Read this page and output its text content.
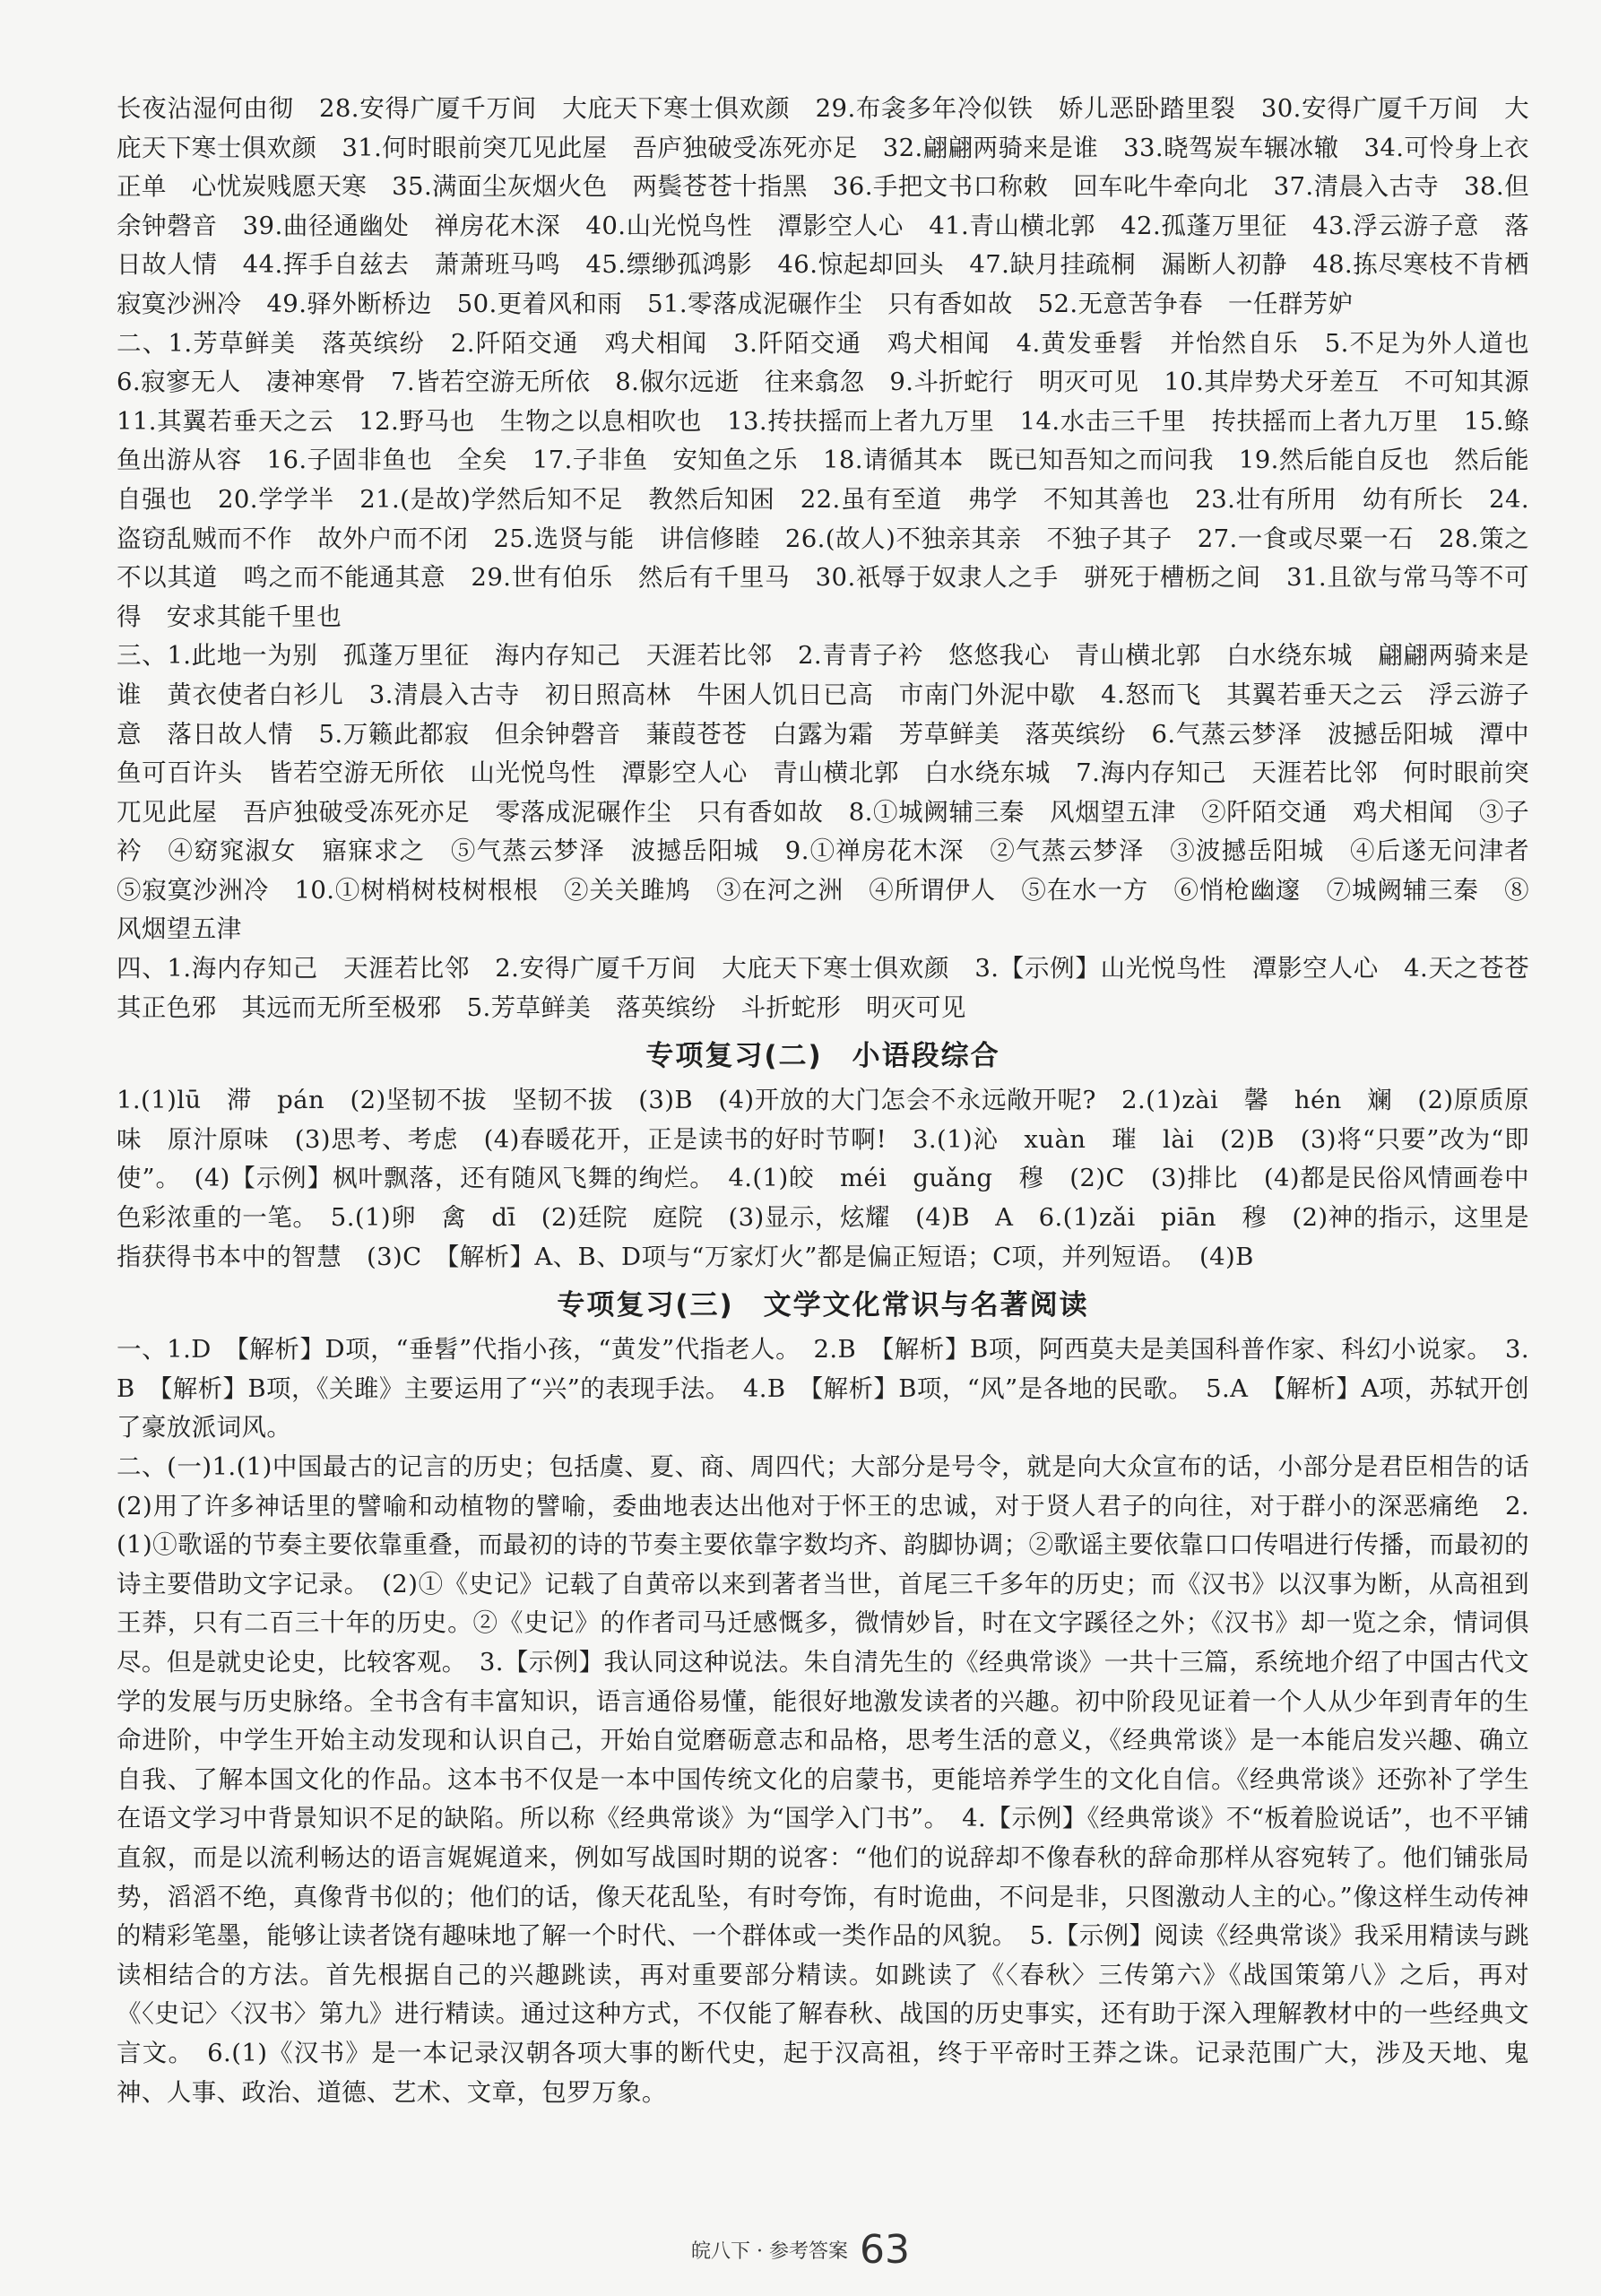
长夜沾湿何由彻　28.安得广厦千万间　大庇天下寒士俱欢颜　29.布衾多年冷似铁　娇儿恶卧踏里裂　30.安得广厦千万间　大庇天下寒士俱欢颜　31.何时眼前突兀见此屋　吾庐独破受冻死亦足　32.翩翩两骑来是谁　33.晓驾炭车辗冰辙　34.可怜身上衣正单　心忧炭贱愿天寒　35.满面尘灰烟火色　两鬓苍苍十指黑　36.手把文书口称敕　回车叱牛牵向北　37.清晨入古寺　38.但余钟磬音　39.曲径通幽处　禅房花木深　40.山光悦鸟性　潭影空人心　41.青山横北郭　42.孤蓬万里征　43.浮云游子意　落日故人情　44.挥手自兹去　萧萧班马鸣　45.缥缈孤鸿影　46.惊起却回头　47.缺月挂疏桐　漏断人初静　48.拣尽寒枝不肯栖　寂寞沙洲冷　49.驿外断桥边　50.更着风和雨　51.零落成泥碾作尘　只有香如故　52.无意苦争春　一任群芳妒

二、1.芳草鲜美　落英缤纷　2.阡陌交通　鸡犬相闻　3.阡陌交通　鸡犬相闻　4.黄发垂髫　并怡然自乐　5.不足为外人道也　6.寂寥无人　凄神寒骨　7.皆若空游无所依　8.俶尔远逝　往来翕忽　9.斗折蛇行　明灭可见　10.其岸势犬牙差互　不可知其源　11.其翼若垂天之云　12.野马也　生物之以息相吹也　13.抟扶摇而上者九万里　14.水击三千里　抟扶摇而上者九万里　15.鲦鱼出游从容　16.子固非鱼也　全矣　17.子非鱼　安知鱼之乐　18.请循其本　既已知吾知之而问我　19.然后能自反也　然后能自强也　20.学学半　21.(是故)学然后知不足　教然后知困　22.虽有至道　弗学　不知其善也　23.壮有所用　幼有所长　24.盗窃乱贼而不作　故外户而不闭　25.选贤与能　讲信修睦　26.(故人)不独亲其亲　不独子其子　27.一食或尽粟一石　28.策之不以其道　鸣之而不能通其意　29.世有伯乐　然后有千里马　30.祇辱于奴隶人之手　骈死于槽枥之间　31.且欲与常马等不可得　安求其能千里也

三、1.此地一为别　孤蓬万里征　海内存知己　天涯若比邻　2.青青子衿　悠悠我心　青山横北郭　白水绕东城　翩翩两骑来是谁　黄衣使者白衫儿　3.清晨入古寺　初日照高林　牛困人饥日已高　市南门外泥中歇　4.怒而飞　其翼若垂天之云　浮云游子意　落日故人情　5.万籁此都寂　但余钟磬音　蒹葭苍苍　白露为霜　芳草鲜美　落英缤纷　6.气蒸云梦泽　波撼岳阳城　潭中鱼可百许头　皆若空游无所依　山光悦鸟性　潭影空人心　青山横北郭　白水绕东城　7.海内存知己　天涯若比邻　何时眼前突兀见此屋　吾庐独破受冻死亦足　零落成泥碾作尘　只有香如故　8.①城阙辅三秦　风烟望五津　②阡陌交通　鸡犬相闻　③子衿　④窈窕淑女　寤寐求之　⑤气蒸云梦泽　波撼岳阳城　9.①禅房花木深　②气蒸云梦泽　③波撼岳阳城　④后遂无问津者　⑤寂寞沙洲冷　10.①树梢树枝树根根　②关关雎鸠　③在河之洲　④所谓伊人　⑤在水一方　⑥悄枪幽邃　⑦城阙辅三秦　⑧风烟望五津

四、1.海内存知己　天涯若比邻　2.安得广厦千万间　大庇天下寒士俱欢颜　3.【示例】山光悦鸟性　潭影空人心　4.天之苍苍　其正色邪　其远而无所至极邪　5.芳草鲜美　落英缤纷　斗折蛇形　明灭可见

专项复习(二)　小语段综合

1.(1)lū　滞　pán　(2)坚韧不拔　坚韧不拔　(3)B　(4)开放的大门怎会不永远敞开呢?　2.(1)zài　馨　hén　斓　(2)原质原味　原汁原味　(3)思考、考虑　(4)春暖花开，正是读书的好时节啊!　3.(1)沁　xuàn　璀　lài　(2)B　(3)将“只要”改为“即使”。　(4)【示例】枫叶飘落，还有随风飞舞的绚烂。　4.(1)皎　méi　guǎng　穆　(2)C　(3)排比　(4)都是民俗风情画卷中色彩浓重的一笔。　5.(1)卵　禽　dī　(2)廷院　庭院　(3)显示，炫耀　(4)B　A　6.(1)zǎi　piān　穆　(2)神的指示，这里是指获得书本中的智慧　(3)C　【解析】A、B、D项与“万家灯火”都是偏正短语；C项，并列短语。　(4)B

专项复习(三)　文学文化常识与名著阅读

一、1.D　【解析】D项，“垂髫”代指小孩，“黄发”代指老人。　2.B　【解析】B项，阿西莫夫是美国科普作家、科幻小说家。　3.B　【解析】B项，《关雎》主要运用了“兴”的表现手法。　4.B　【解析】B项，“风”是各地的民歌。　5.A　【解析】A项，苏轼开创了豪放派词风。

二、(一)1.(1)中国最古的记言的历史；包括虞、夏、商、周四代；大部分是号令，就是向大众宣布的话，小部分是君臣相告的话　(2)用了许多神话里的譬喻和动植物的譬喻，委曲地表达出他对于怀王的忠诚，对于贤人君子的向往，对于群小的深恶痛绝　2.(1)①歌谣的节奏主要依靠重叠，而最初的诗的节奏主要依靠字数均齐、韵脚协调；②歌谣主要依靠口口传唱进行传播，而最初的诗主要借助文字记录。　(2)①《史记》记载了自黄帝以来到著者当世，首尾三千多年的历史；而《汉书》以汉事为断，从高祖到王莽，只有二百三十年的历史。②《史记》的作者司马迁感慨多，微情妙旨，时在文字蹊径之外；《汉书》却一览之余，情词俱尽。但是就史论史，比较客观。　3.【示例】我认同这种说法。朱自清先生的《经典常谈》一共十三篇，系统地介绍了中国古代文学的发展与历史脉络。全书含有丰富知识，语言通俗易懂，能很好地激发读者的兴趣。初中阶段见证着一个人从少年到青年的生命进阶，中学生开始主动发现和认识自己，开始自觉磨砺意志和品格，思考生活的意义，《经典常谈》是一本能启发兴趣、确立自我、了解本国文化的作品。这本书不仅是一本中国传统文化的启蒙书，更能培养学生的文化自信。《经典常谈》还弥补了学生在语文学习中背景知识不足的缺陷。所以称《经典常谈》为“国学入门书”。　4.【示例】《经典常谈》不“板着脸说话”，也不平铺直叙，而是以流利畅达的语言娓娓道来，例如写战国时期的说客：“他们的说辞却不像春秋的辞命那样从容宛转了。他们铺张局势，滔滔不绝，真像背书似的；他们的话，像天花乱坠，有时夸饰，有时诡曲，不问是非，只图激动人主的心。”像这样生动传神的精彩笔墨，能够让读者饶有趣味地了解一个时代、一个群体或一类作品的风貌。　5.【示例】阅读《经典常谈》我采用精读与跳读相结合的方法。首先根据自己的兴趣跳读，再对重要部分精读。如跳读了《〈春秋〉三传第六》《战国策第八》之后，再对《〈史记〉〈汉书〉第九》进行精读。通过这种方式，不仅能了解春秋、战国的历史事实，还有助于深入理解教材中的一些经典文言文。　6.(1)《汉书》是一本记录汉朝各项大事的断代史，起于汉高祖，终于平帝时王莽之诛。记录范围广大，涉及天地、鬼神、人事、政治、道德、艺术、文章，包罗万象。

皖八下 · 参考答案 63
